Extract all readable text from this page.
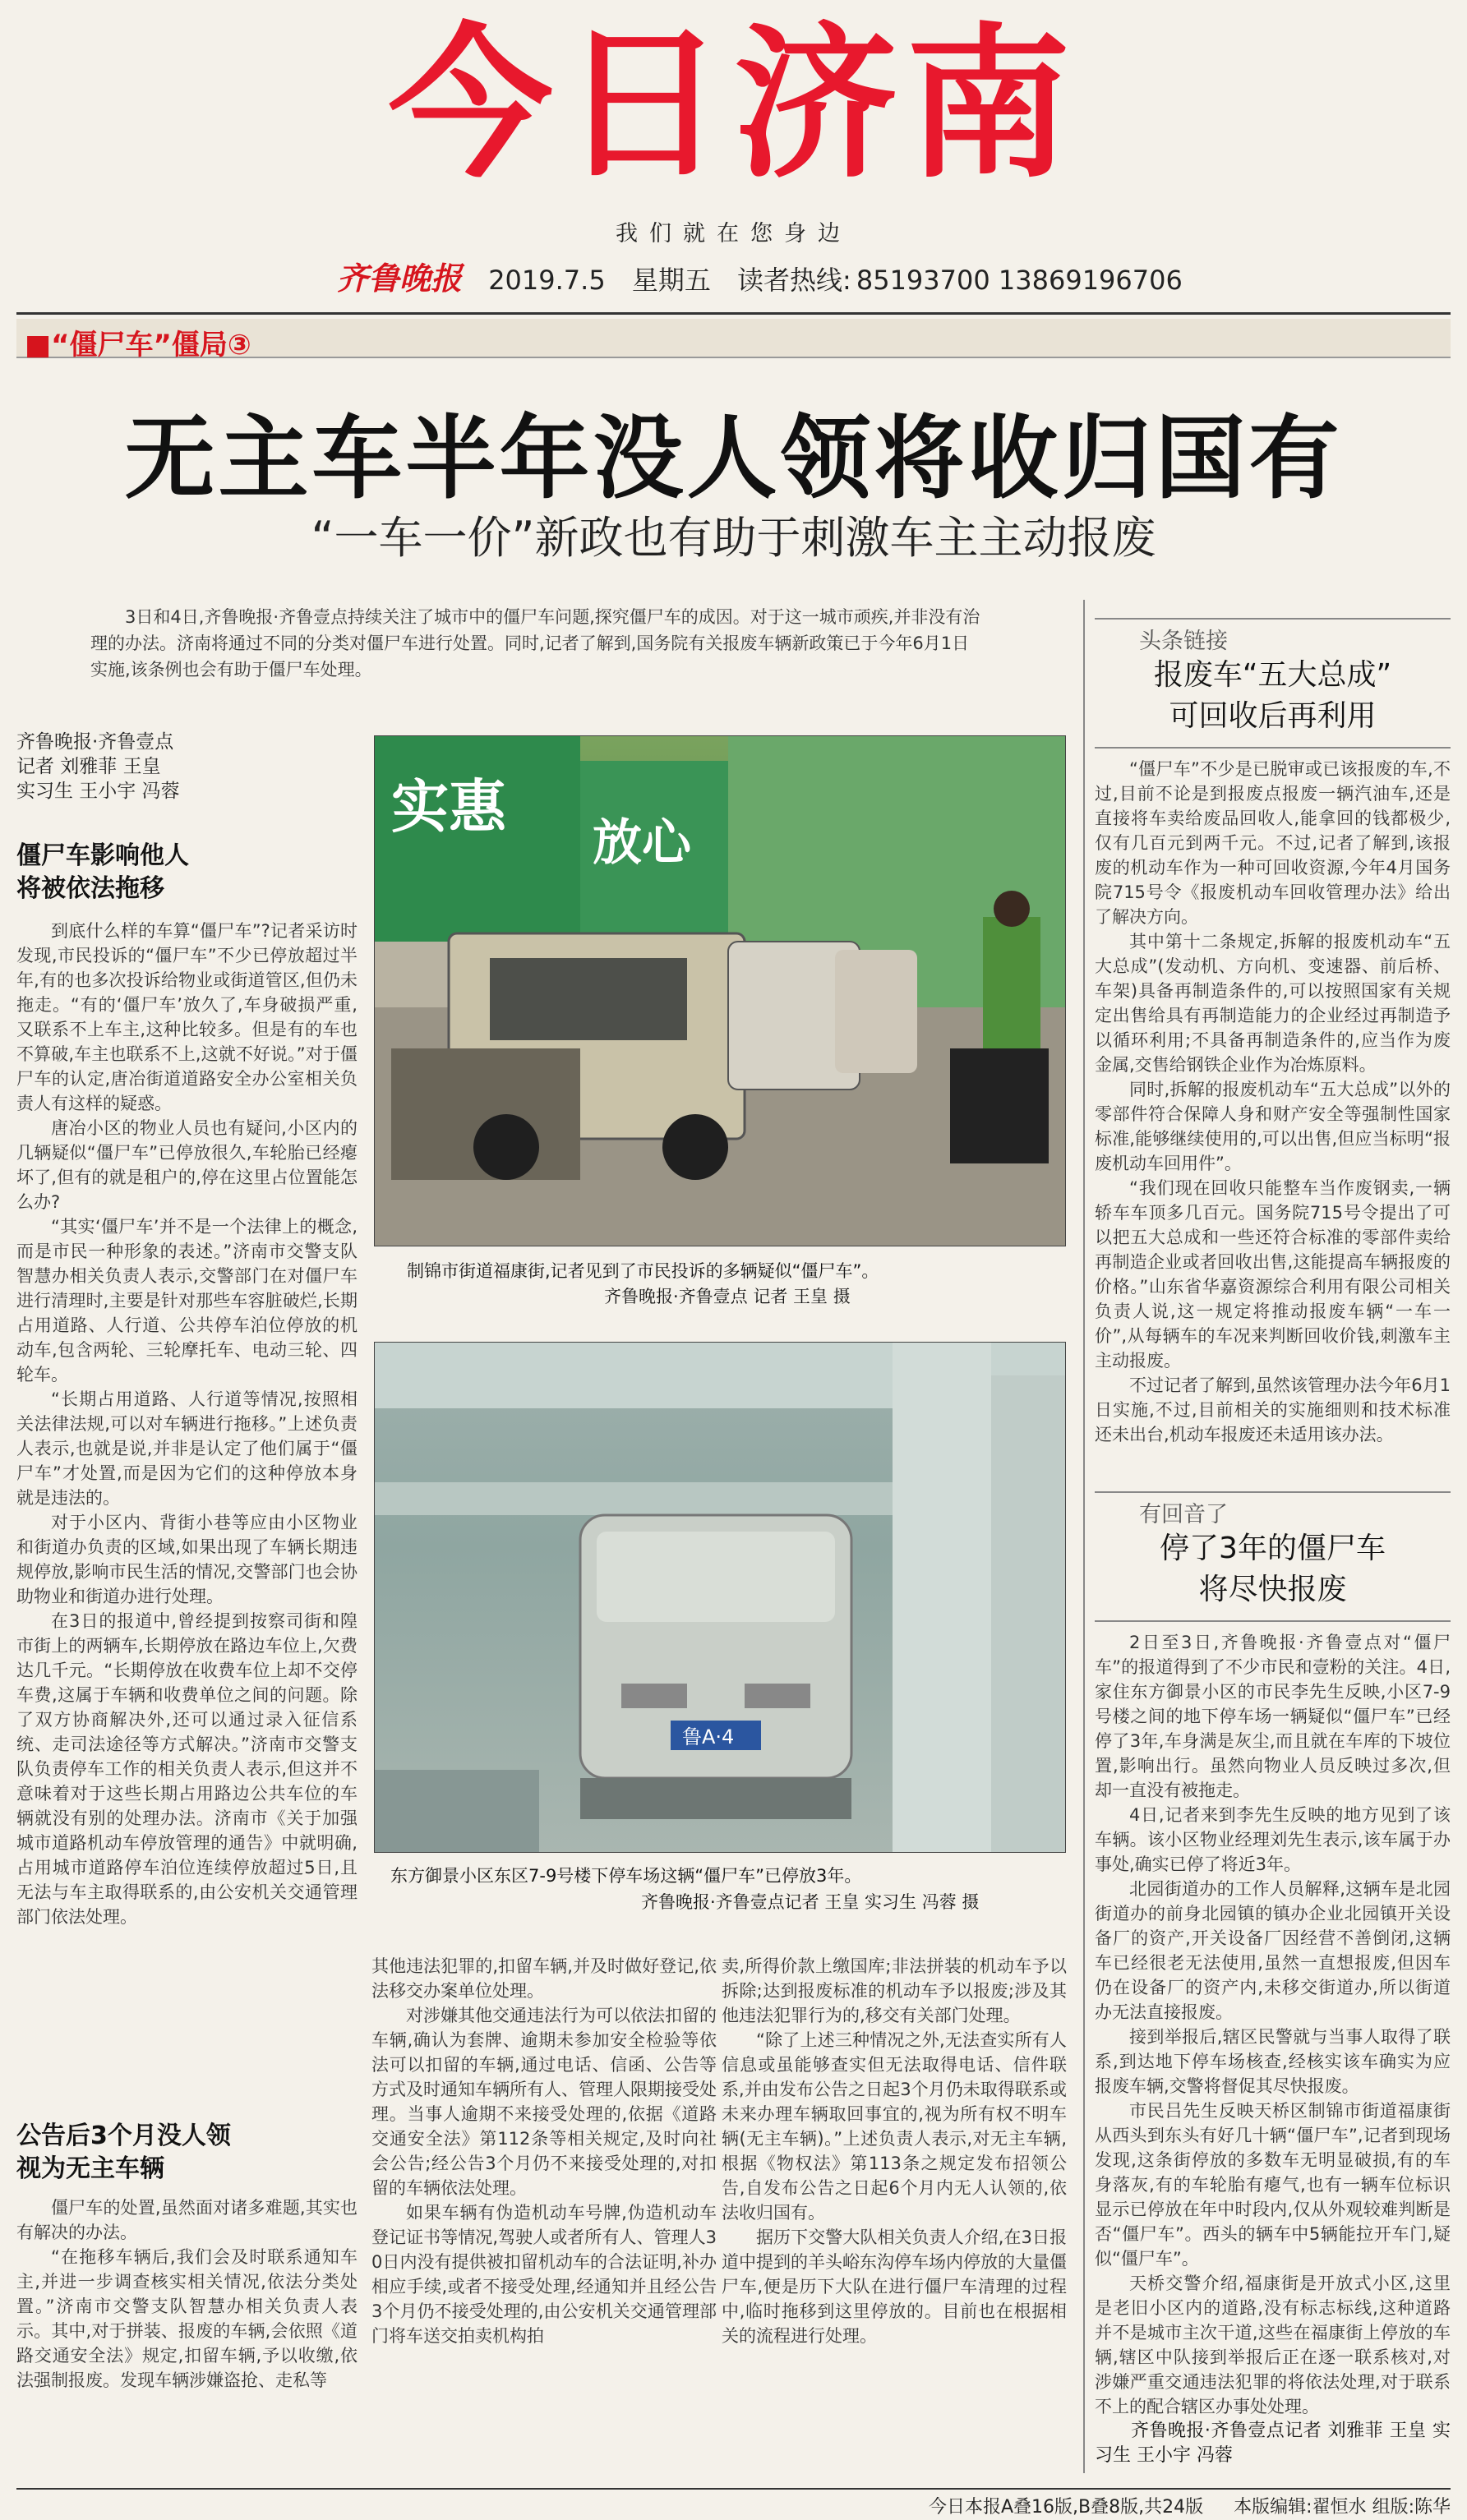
今日济南
我们就在您身边
齐鲁晚报 2019.7.5 星期五 读者热线: 85193700 13869196706
■“僵尸车”僵局③
无主车半年没人领将收归国有
“一车一价”新政也有助于刺激车主主动报废
3日和4日,齐鲁晚报·齐鲁壹点持续关注了城市中的僵尸车问题,探究僵尸车的成因。对于这一城市顽疾,并非没有治理的办法。济南将通过不同的分类对僵尸车进行处置。同时,记者了解到,国务院有关报废车辆新政策已于今年6月1日实施,该条例也会有助于僵尸车处理。
齐鲁晚报·齐鲁壹点
记者 刘雅菲 王皇
实习生 王小宇 冯蓉
僵尸车影响他人
将被依法拖移
到底什么样的车算“僵尸车”?记者采访时发现,市民投诉的“僵尸车”不少已停放超过半年,有的也多次投诉给物业或街道管区,但仍未拖走。“有的‘僵尸车’放久了,车身破损严重,又联系不上车主,这种比较多。但是有的车也不算破,车主也联系不上,这就不好说。”对于僵尸车的认定,唐冶街道道路安全办公室相关负责人有这样的疑惑。
唐冶小区的物业人员也有疑问,小区内的几辆疑似“僵尸车”已停放很久,车轮胎已经瘪坏了,但有的就是租户的,停在这里占位置能怎么办?
“其实‘僵尸车’并不是一个法律上的概念,而是市民一种形象的表述。”济南市交警支队智慧办相关负责人表示,交警部门在对僵尸车进行清理时,主要是针对那些车容脏破烂,长期占用道路、人行道、公共停车泊位停放的机动车,包含两轮、三轮摩托车、电动三轮、四轮车。
“长期占用道路、人行道等情况,按照相关法律法规,可以对车辆进行拖移。”上述负责人表示,也就是说,并非是认定了他们属于“僵尸车”才处置,而是因为它们的这种停放本身就是违法的。
对于小区内、背街小巷等应由小区物业和街道办负责的区域,如果出现了车辆长期违规停放,影响市民生活的情况,交警部门也会协助物业和街道办进行处理。
在3日的报道中,曾经提到按察司街和隍市街上的两辆车,长期停放在路边车位上,欠费达几千元。“长期停放在收费车位上却不交停车费,这属于车辆和收费单位之间的问题。除了双方协商解决外,还可以通过录入征信系统、走司法途径等方式解决。”济南市交警支队负责停车工作的相关负责人表示,但这并不意味着对于这些长期占用路边公共车位的车辆就没有别的处理办法。济南市《关于加强城市道路机动车停放管理的通告》中就明确,占用城市道路停车泊位连续停放超过5日,且无法与车主取得联系的,由公安机关交通管理部门依法处理。
公告后3个月没人领
视为无主车辆
僵尸车的处置,虽然面对诸多难题,其实也有解决的办法。
“在拖移车辆后,我们会及时联系通知车主,并进一步调查核实相关情况,依法分类处置。”济南市交警支队智慧办相关负责人表示。其中,对于拼装、报废的车辆,会依照《道路交通安全法》规定,扣留车辆,予以收缴,依法强制报废。发现车辆涉嫌盗抢、走私等
实惠
放心
制锦市街道福康街,记者见到了市民投诉的多辆疑似“僵尸车”。
齐鲁晚报·齐鲁壹点 记者 王皇 摄
鲁A·4
东方御景小区东区7-9号楼下停车场这辆“僵尸车”已停放3年。
齐鲁晚报·齐鲁壹点记者 王皇 实习生 冯蓉 摄
其他违法犯罪的,扣留车辆,并及时做好登记,依法移交办案单位处理。
对涉嫌其他交通违法行为可以依法扣留的车辆,确认为套牌、逾期未参加安全检验等依法可以扣留的车辆,通过电话、信函、公告等方式及时通知车辆所有人、管理人限期接受处理。当事人逾期不来接受处理的,依据《道路交通安全法》第112条等相关规定,及时向社会公告;经公告3个月仍不来接受处理的,对扣留的车辆依法处理。
如果车辆有伪造机动车号牌,伪造机动车登记证书等情况,驾驶人或者所有人、管理人30日内没有提供被扣留机动车的合法证明,补办相应手续,或者不接受处理,经通知并且经公告3个月仍不接受处理的,由公安机关交通管理部门将车送交拍卖机构拍
卖,所得价款上缴国库;非法拼装的机动车予以拆除;达到报废标准的机动车予以报废;涉及其他违法犯罪行为的,移交有关部门处理。
“除了上述三种情况之外,无法查实所有人信息或虽能够查实但无法取得电话、信件联系,并由发布公告之日起3个月仍未取得联系或未来办理车辆取回事宜的,视为所有权不明车辆(无主车辆)。”上述负责人表示,对无主车辆,根据《物权法》第113条之规定发布招领公告,自发布公告之日起6个月内无人认领的,依法收归国有。
据历下交警大队相关负责人介绍,在3日报道中提到的羊头峪东沟停车场内停放的大量僵尸车,便是历下大队在进行僵尸车清理的过程中,临时拖移到这里停放的。目前也在根据相关的流程进行处理。
头条链接
报废车“五大总成”
可回收后再利用
“僵尸车”不少是已脱审或已该报废的车,不过,目前不论是到报废点报废一辆汽油车,还是直接将车卖给废品回收人,能拿回的钱都极少,仅有几百元到两千元。不过,记者了解到,该报废的机动车作为一种可回收资源,今年4月国务院715号令《报废机动车回收管理办法》给出了解决方向。
其中第十二条规定,拆解的报废机动车“五大总成”(发动机、方向机、变速器、前后桥、车架)具备再制造条件的,可以按照国家有关规定出售给具有再制造能力的企业经过再制造予以循环利用;不具备再制造条件的,应当作为废金属,交售给钢铁企业作为冶炼原料。
同时,拆解的报废机动车“五大总成”以外的零部件符合保障人身和财产安全等强制性国家标准,能够继续使用的,可以出售,但应当标明“报废机动车回用件”。
“我们现在回收只能整车当作废钢卖,一辆轿车车顶多几百元。国务院715号令提出了可以把五大总成和一些还符合标准的零部件卖给再制造企业或者回收出售,这能提高车辆报废的价格。”山东省华嘉资源综合利用有限公司相关负责人说,这一规定将推动报废车辆“一车一价”,从每辆车的车况来判断回收价钱,刺激车主主动报废。
不过记者了解到,虽然该管理办法今年6月1日实施,不过,目前相关的实施细则和技术标准还未出台,机动车报废还未适用该办法。
有回音了
停了3年的僵尸车
将尽快报废
2日至3日,齐鲁晚报·齐鲁壹点对“僵尸车”的报道得到了不少市民和壹粉的关注。4日,家住东方御景小区的市民李先生反映,小区7-9号楼之间的地下停车场一辆疑似“僵尸车”已经停了3年,车身满是灰尘,而且就在车库的下坡位置,影响出行。虽然向物业人员反映过多次,但却一直没有被拖走。
4日,记者来到李先生反映的地方见到了该车辆。该小区物业经理刘先生表示,该车属于办事处,确实已停了将近3年。
北园街道办的工作人员解释,这辆车是北园街道办的前身北园镇的镇办企业北园镇开关设备厂的资产,开关设备厂因经营不善倒闭,这辆车已经很老无法使用,虽然一直想报废,但因车仍在设备厂的资产内,未移交街道办,所以街道办无法直接报废。
接到举报后,辖区民警就与当事人取得了联系,到达地下停车场核查,经核实该车确实为应报废车辆,交警将督促其尽快报废。
市民吕先生反映天桥区制锦市街道福康街从西头到东头有好几十辆“僵尸车”,记者到现场发现,这条街停放的多数车无明显破损,有的车身落灰,有的车轮胎有瘪气,也有一辆车位标识显示已停放在年中时段内,仅从外观较难判断是否“僵尸车”。西头的辆车中5辆能拉开车门,疑似“僵尸车”。
天桥交警介绍,福康街是开放式小区,这里是老旧小区内的道路,没有标志标线,这种道路并不是城市主次干道,这些在福康街上停放的车辆,辖区中队接到举报后正在逐一联系核对,对涉嫌严重交通违法犯罪的将依法处理,对于联系不上的配合辖区办事处处理。
齐鲁晚报·齐鲁壹点记者 刘雅菲 王皇 实习生 王小宇 冯蓉
今日本报A叠16版,B叠8版,共24版 本版编辑:翟恒水 组版:陈华
